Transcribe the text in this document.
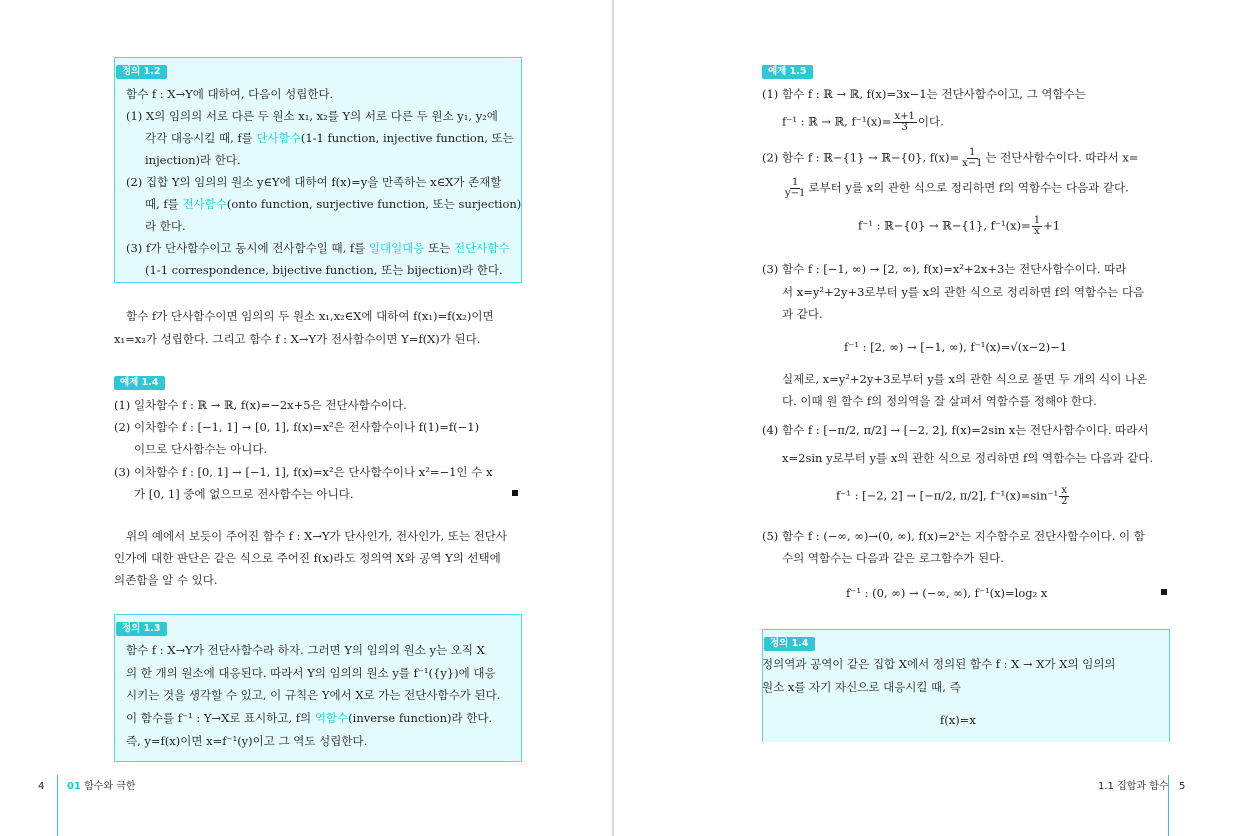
정의 1.2
함수 f : X→Y에 대하여, 다음이 성립한다.
(1) X의 임의의 서로 다른 두 원소 x₁, x₂를 Y의 서로 다른 두 원소 y₁, y₂에
각각 대응시킬 때, f를 단사함수(1-1 function, injective function, 또는
injection)라 한다.
(2) 집합 Y의 임의의 원소 y∈Y에 대하여 f(x)=y을 만족하는 x∈X가 존재할
때, f를 전사함수(onto function, surjective function, 또는 surjection)
라 한다.
(3) f가 단사함수이고 동시에 전사함수일 때, f를 일대일대응 또는 전단사함수
(1-1 correspondence, bijective function, 또는 bijection)라 한다.
함수 f가 단사함수이면 임의의 두 원소 x₁,x₂∈X에 대하여 f(x₁)=f(x₂)이면
x₁=x₂가 성립한다. 그리고 함수 f : X→Y가 전사함수이면 Y=f(X)가 된다.
예제 1.4
(1) 일차함수 f : ℝ → ℝ, f(x)=−2x+5은 전단사함수이다.
(2) 이차함수 f : [−1, 1] → [0, 1], f(x)=x²은 전사함수이나 f(1)=f(−1)
이므로 단사함수는 아니다.
(3) 이차함수 f : [0, 1] → [−1, 1], f(x)=x²은 단사함수이나 x²=−1인 수 x
가 [0, 1] 중에 없으므로 전사함수는 아니다.
위의 예에서 보듯이 주어진 함수 f : X→Y가 단사인가, 전사인가, 또는 전단사
인가에 대한 판단은 같은 식으로 주어진 f(x)라도 정의역 X와 공역 Y의 선택에
의존함을 알 수 있다.
정의 1.3
함수 f : X→Y가 전단사함수라 하자. 그러면 Y의 임의의 원소 y는 오직 X
의 한 개의 원소에 대응된다. 따라서 Y의 임의의 원소 y를 f⁻¹({y})에 대응
시키는 것을 생각할 수 있고, 이 규칙은 Y에서 X로 가는 전단사함수가 된다.
이 함수를 f⁻¹ : Y→X로 표시하고, f의 역함수(inverse function)라 한다.
즉, y=f(x)이면 x=f⁻¹(y)이고 그 역도 성립한다.
4 01 함수와 극한
예제 1.5
(1) 함수 f : ℝ → ℝ, f(x)=3x−1는 전단사함수이고, 그 역함수는
f⁻¹ : ℝ → ℝ, $f^{-1}(x)= \frac{x+1}{3}$ 이다.
(2) 함수 f : ℝ−{1} → ℝ−{0}, $f(x)= \frac{1}{x-1}$ 는 전단사함수이다. 따라서 x=
$\frac{1}{y-1}$ 로부터 y를 x의 관한 식으로 정리하면 f의 역함수는 다음과 같다.
f⁻¹ : ℝ−{0} → ℝ−{1}, $f^{-1}(x)= \frac{1}{x} +1$
(3) 함수 f : [−1, ∞) → [2, ∞), f(x)=x²+2x+3는 전단사함수이다. 따라
서 x=y²+2y+3로부터 y를 x의 관한 식으로 정리하면 f의 역함수는 다음
과 같다.
f⁻¹ : [2, ∞) → [−1, ∞), f⁻¹(x)=√(x−2)−1
실제로, x=y²+2y+3로부터 y를 x의 관한 식으로 풀면 두 개의 식이 나온
다. 이때 원 함수 f의 정의역을 잘 살펴서 역함수를 정해야 한다.
(4) 함수 f : [−π/2, π/2] → [−2, 2], f(x)=2sin x는 전단사함수이다. 따라서
x=2sin y로부터 y를 x의 관한 식으로 정리하면 f의 역함수는 다음과 같다.
f⁻¹ : [−2, 2] → [−π/2, π/2], $f^{-1}(x)=\sin^{-1} \frac{x}{2}$
(5) 함수 f : (−∞, ∞)→(0, ∞), f(x)=2ˣ는 지수함수로 전단사함수이다. 이 함
수의 역함수는 다음과 같은 로그함수가 된다.
f⁻¹ : (0, ∞) → (−∞, ∞), f⁻¹(x)=log₂ x
정의 1.4
정의역과 공역이 같은 집합 X에서 정의된 함수 f : X → X가 X의 임의의
원소 x를 자기 자신으로 대응시킬 때, 즉
f(x)=x
1.1 집합과 함수 5
